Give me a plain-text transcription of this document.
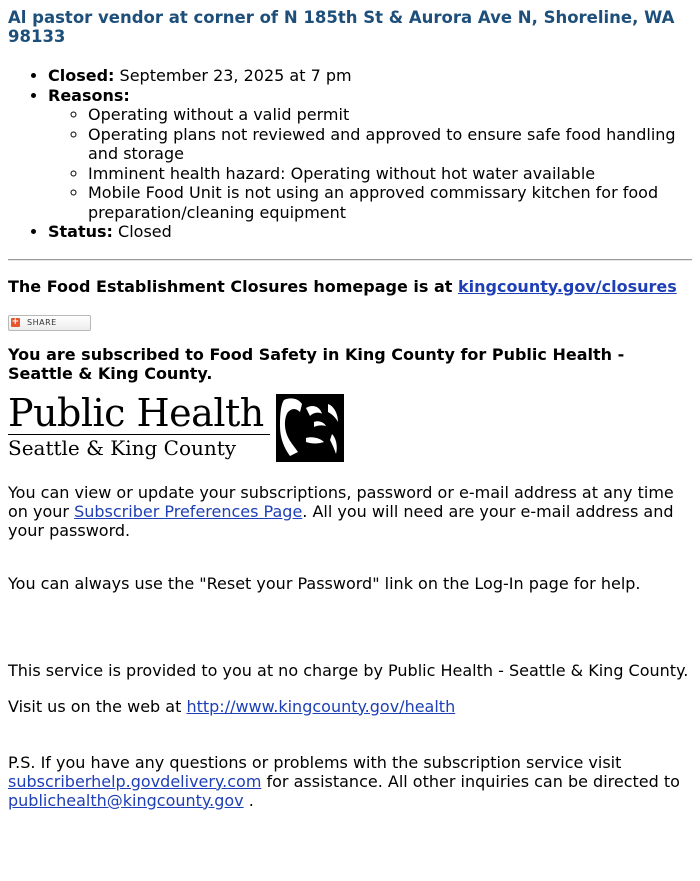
Al pastor vendor at corner of N 185th St & Aurora Ave N, Shoreline, WA 98133
• Closed: September 23, 2025 at 7 pm
• Reasons:
◦ Operating without a valid permit
◦ Operating plans not reviewed and approved to ensure safe food handling and storage
◦ Imminent health hazard: Operating without hot water available
◦ Mobile Food Unit is not using an approved commissary kitchen for food preparation/cleaning equipment
• Status: Closed
The Food Establishment Closures homepage is at kingcounty.gov/closures
+ SHARE
You are subscribed to Food Safety in King County for Public Health - Seattle & King County.
Public Health
Seattle & King County

You can view or update your subscriptions, password or e-mail address at any time on your Subscriber Preferences Page. All you will need are your e-mail address and your password.

You can always use the "Reset your Password" link on the Log-In page for help.

This service is provided to you at no charge by Public Health - Seattle & King County.

Visit us on the web at http://www.kingcounty.gov/health

P.S. If you have any questions or problems with the subscription service visit subscriberhelp.govdelivery.com for assistance. All other inquiries can be directed to publichealth@kingcounty.gov .
